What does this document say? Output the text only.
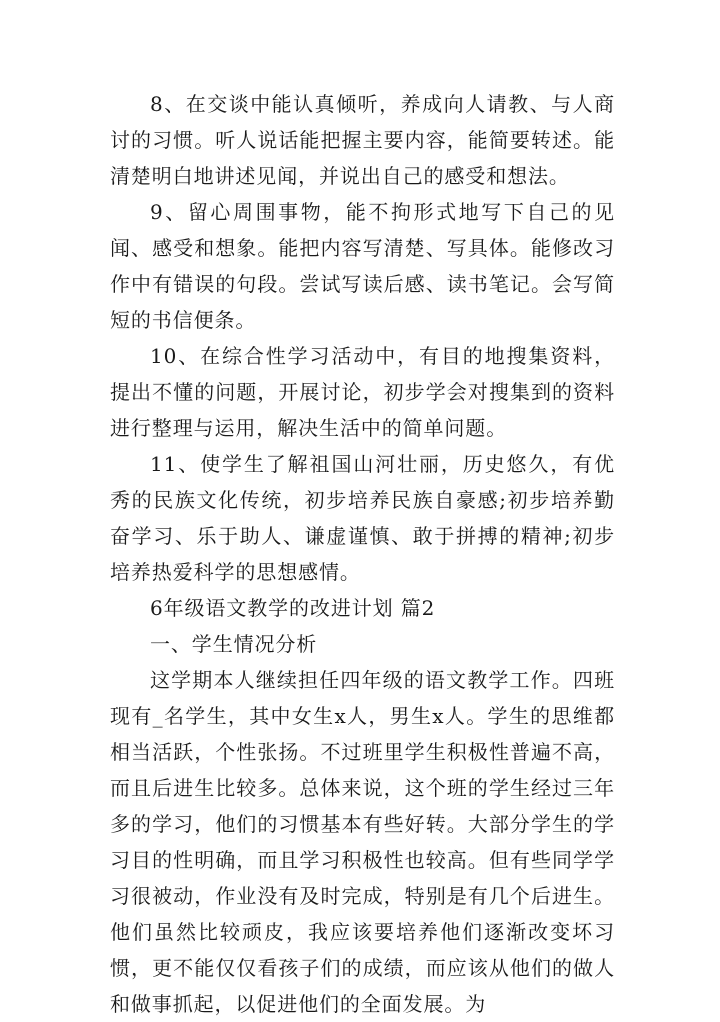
8、在交谈中能认真倾听，养成向人请教、与人商讨的习惯。听人说话能把握主要内容，能简要转述。能清楚明白地讲述见闻，并说出自己的感受和想法。

9、留心周围事物，能不拘形式地写下自己的见闻、感受和想象。能把内容写清楚、写具体。能修改习作中有错误的句段。尝试写读后感、读书笔记。会写简短的书信便条。

10、在综合性学习活动中，有目的地搜集资料，提出不懂的问题，开展讨论，初步学会对搜集到的资料进行整理与运用，解决生活中的简单问题。

11、使学生了解祖国山河壮丽，历史悠久，有优秀的民族文化传统，初步培养民族自豪感;初步培养勤奋学习、乐于助人、谦虚谨慎、敢于拼搏的精神;初步培养热爱科学的思想感情。

6年级语文教学的改进计划 篇2

一、学生情况分析

这学期本人继续担任四年级的语文教学工作。四班现有_名学生，其中女生x人，男生x人。学生的思维都相当活跃，个性张扬。不过班里学生积极性普遍不高，而且后进生比较多。总体来说，这个班的学生经过三年多的学习，他们的习惯基本有些好转。大部分学生的学习目的性明确，而且学习积极性也较高。但有些同学学习很被动，作业没有及时完成，特别是有几个后进生。他们虽然比较顽皮，我应该要培养他们逐渐改变坏习惯，更不能仅仅看孩子们的成绩，而应该从他们的做人和做事抓起，以促进他们的全面发展。为
